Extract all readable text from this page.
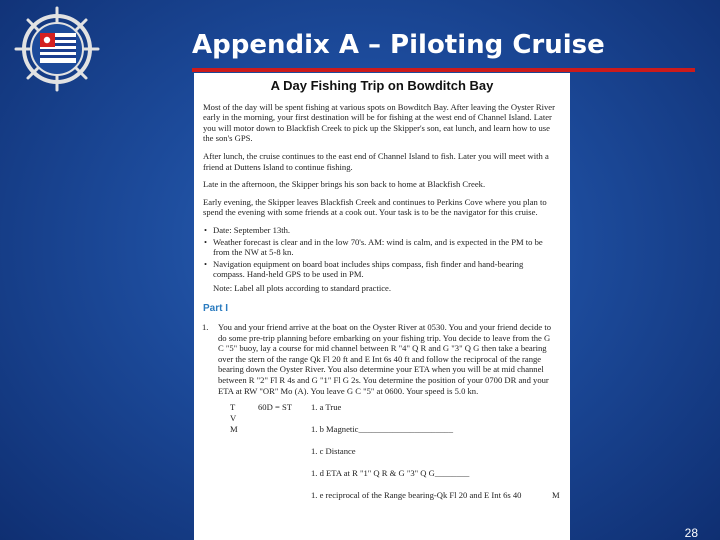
Appendix A – Piloting Cruise
A Day Fishing Trip on Bowditch Bay

Most of the day will be spent fishing at various spots on Bowditch Bay. After leaving the Oyster River early in the morning, your first destination will be for fishing at the west end of Channel Island. Later you will motor down to Blackfish Creek to pick up the Skipper's son, eat lunch, and learn how to use the son's GPS.

After lunch, the cruise continues to the east end of Channel Island to fish. Later you will meet with a friend at Duttens Island to continue fishing.

Late in the afternoon, the Skipper brings his son back to home at Blackfish Creek.

Early evening, the Skipper leaves Blackfish Creek and continues to Perkins Cove where you plan to spend the evening with some friends at a cook out. Your task is to be the navigator for this cruise.

• Date: September 13th.
• Weather forecast is clear and in the low 70's. AM: wind is calm, and is expected in the PM to be from the NW at 5-8 kn.
• Navigation equipment on board boat includes ships compass, fish finder and hand-bearing compass. Hand-held GPS to be used in PM.
Note: Label all plots according to standard practice.
Part I
1. You and your friend arrive at the boat on the Oyster River at 0530. You and your friend decide to do some pre-trip planning before embarking on your fishing trip. You decide to leave from the G C "5" buoy, lay a course for mid channel between R "4" Q R and G "3" Q G then take a bearing over the stern of the range Qk Fl 20 ft and E Int 6s 40 ft and follow the reciprocal of the range bearing down the Oyster River. You also determine your ETA when you will be at mid channel between R "2" Fl R 4s and G "1" Fl G 2s. You determine the position of your 0700 DR and your ETA at RW "OR" Mo (A). You leave G C "5" at 0600. Your speed is 5.0 kn.
T	60D = ST
V
M
1. a True
1. b Magnetic______________________
1. c Distance
1. d ETA at R "1" Q R & G "3" Q G________
1. e reciprocal of the Range bearing-Qk Fl 20 and E Int 6s 40	M
28
